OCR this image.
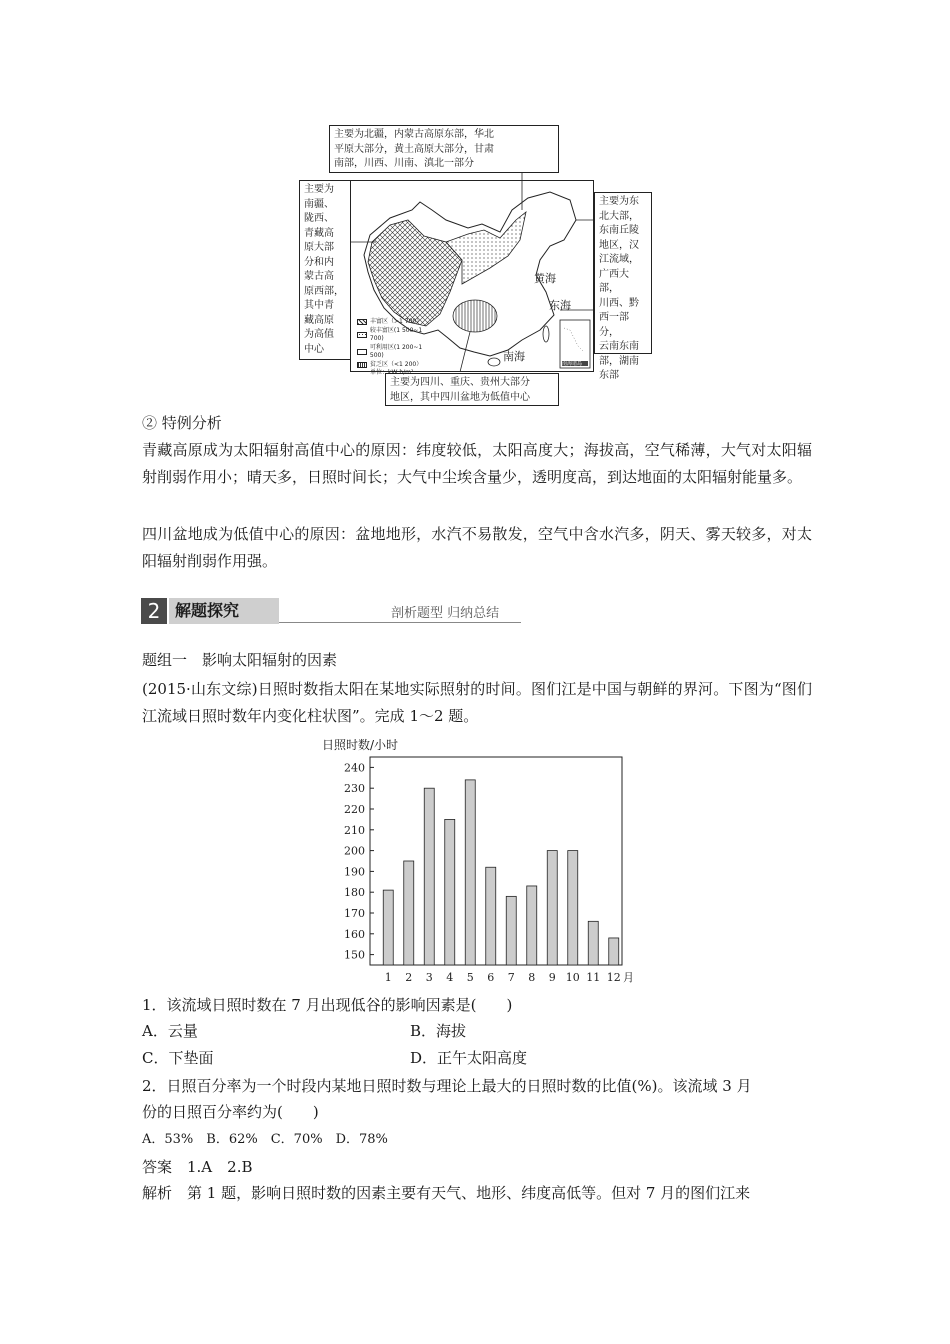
主要为北疆，内蒙古高原东部，华北
平原大部分，黄土高原大部分，甘肃
南部，川西、川南、滇北一部分
主要为
南疆、
陇西、
青藏高
原大部
分和内
蒙古高
原西部，
其中青
藏高原
为高值
中心
主要为东
北大部，
东南丘陵
地区，汉
江流域，
广西大部，
川西、黔
西一部分，
云南东南
部，湖南
东部
主要为四川、重庆、贵州大部分
地区，其中四川盆地为低值中心
黄海
东海
南海
南海诸岛
丰富区（>1 700）
较丰富区(1 500~1 700)
可利用区(1 200~1 500)
贫乏区（<1 200）
单位：kW·h/m²
② 特例分析
青藏高原成为太阳辐射高值中心的原因：纬度较低，太阳高度大；海拔高，空气稀薄，大气对太阳辐射削弱作用小；晴天多，日照时间长；大气中尘埃含量少，透明度高，到达地面的太阳辐射能量多。
四川盆地成为低值中心的原因：盆地地形，水汽不易散发，空气中含水汽多，阴天、雾天较多，对太阳辐射削弱作用强。
2 解题探究	剖析题型 归纳总结
题组一　影响太阳辐射的因素
(2015·山东文综)日照时数指太阳在某地实际照射的时间。图们江是中国与朝鲜的界河。下图为“图们江流域日照时数年内变化柱状图”。完成 1～2 题。
日照时数/小时
150
160
170
180
190
200
210
220
230
240
1 2 3 4 5 6 7 8 9 10 11 12 月
1．该流域日照时数在 7 月出现低谷的影响因素是(　　)
A．云量	B．海拔
C．下垫面	D．正午太阳高度
2．日照百分率为一个时段内某地日照时数与理论上最大的日照时数的比值(%)。该流域 3 月
份的日照百分率约为(　　)
A．53%　B．62%　C．70%　D．78%
答案　1.A　2.B
解析　第 1 题，影响日照时数的因素主要有天气、地形、纬度高低等。但对 7 月的图们江来
